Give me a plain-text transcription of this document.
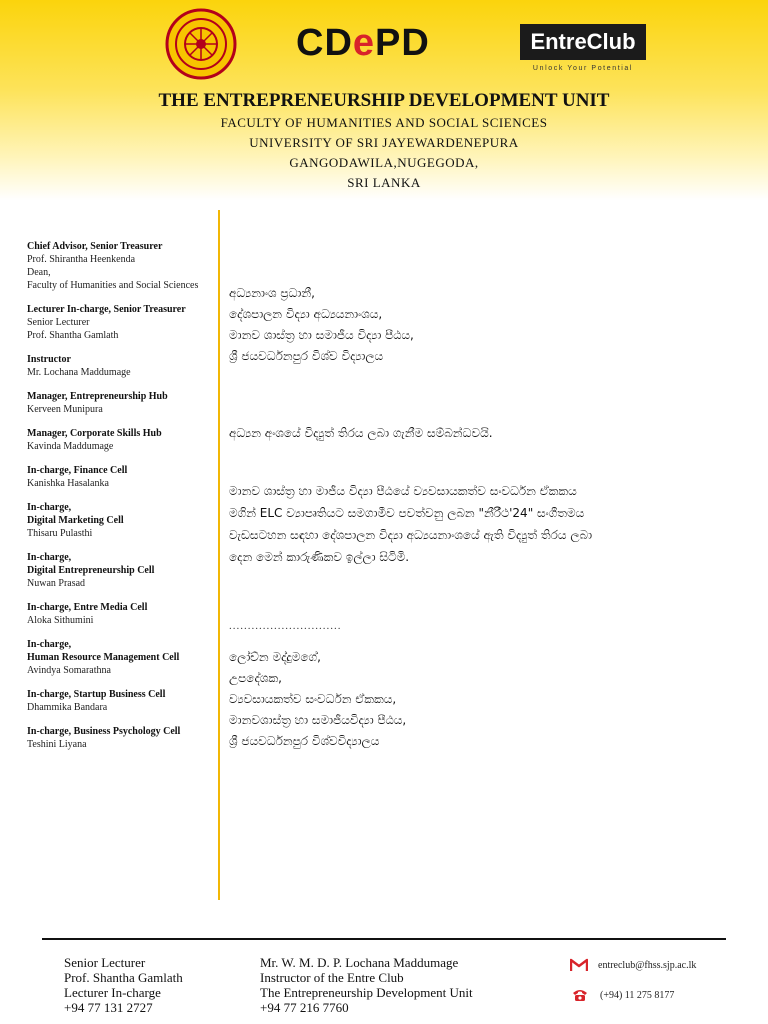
CDePD	EntreClub
Unlock Your Potential
THE ENTREPRENEURSHIP DEVELOPMENT UNIT
FACULTY OF HUMANITIES AND SOCIAL SCIENCES
UNIVERSITY OF SRI JAYEWARDENEPURA
GANGODAWILA,NUGEGODA,
SRI LANKA
Chief Advisor, Senior Treasurer
Prof. Shirantha Heenkenda
Dean,
Faculty of Humanities and Social Sciences
Lecturer In-charge, Senior Treasurer
Senior Lecturer
Prof. Shantha Gamlath
Instructor
Mr. Lochana Maddumage
Manager, Entrepreneurship Hub
Kerveen Munipura
Manager, Corporate Skills Hub
Kavinda Maddumage
In-charge, Finance Cell
Kanishka Hasalanka
In-charge,
Digital Marketing Cell
Thisaru Pulasthi
In-charge,
Digital Entrepreneurship Cell
Nuwan Prasad
In-charge, Entre Media Cell
Aloka Sithumini
In-charge,
Human Resource Management Cell
Avindya Somarathna
In-charge, Startup Business Cell
Dhammika Bandara
In-charge, Business Psychology Cell
Teshini Liyana
අධ්‍යනාංශ ප්‍රධානී,
දේශපාලන විද්‍යා අධ්‍යයනාංශය,
මානව ශාස්ත්‍ර හා සමාජීය විද්‍යා පීඨය,
ශ්‍රී ජයවර්ධනපුර විශ්ව විද්‍යාලය
අධ්‍යන අංශයේ විද්‍යුත් තිරය ලබා ගැනීම සම්බන්ධවයි.
මානව ශාස්ත්‍ර හා මාජීය විද්‍යා පීඨයේ ව්‍යවසායකත්ව සංවර්ධන ඒකකය
මගින් ELC ව්‍යාපෘතියට සමගාමීව පවත්වනු ලබන "නීරීථ'24" සංගීතමය
වැඩසටහන සඳහා දේශපාලන විද්‍යා අධ්‍යයනාංශයේ ඇති විද්‍යුත් තිරය ලබා
දෙන මෙන් කාරුණිකව ඉල්ලා සිටිමි.
..............................
ලෝච්න මද්දුමගේ,
උපදේශක,
ව්‍යවසායකත්ව සංවර්ධන ඒකකය,
මානවශාස්ත්‍ර හා සමාජීයවිද්‍යා පීඨය,
ශ්‍රී ජයවර්ධනපුර විශ්වවිද්‍යාලය
Senior Lecturer
Prof. Shantha Gamlath
Lecturer In-charge
+94 77 131 2727
Mr. W. M. D. P. Lochana Maddumage
Instructor of the Entre Club
The Entrepreneurship Development Unit
+94 77 216 7760
entreclub@fhss.sjp.ac.lk
(+94) 11 275 8177
